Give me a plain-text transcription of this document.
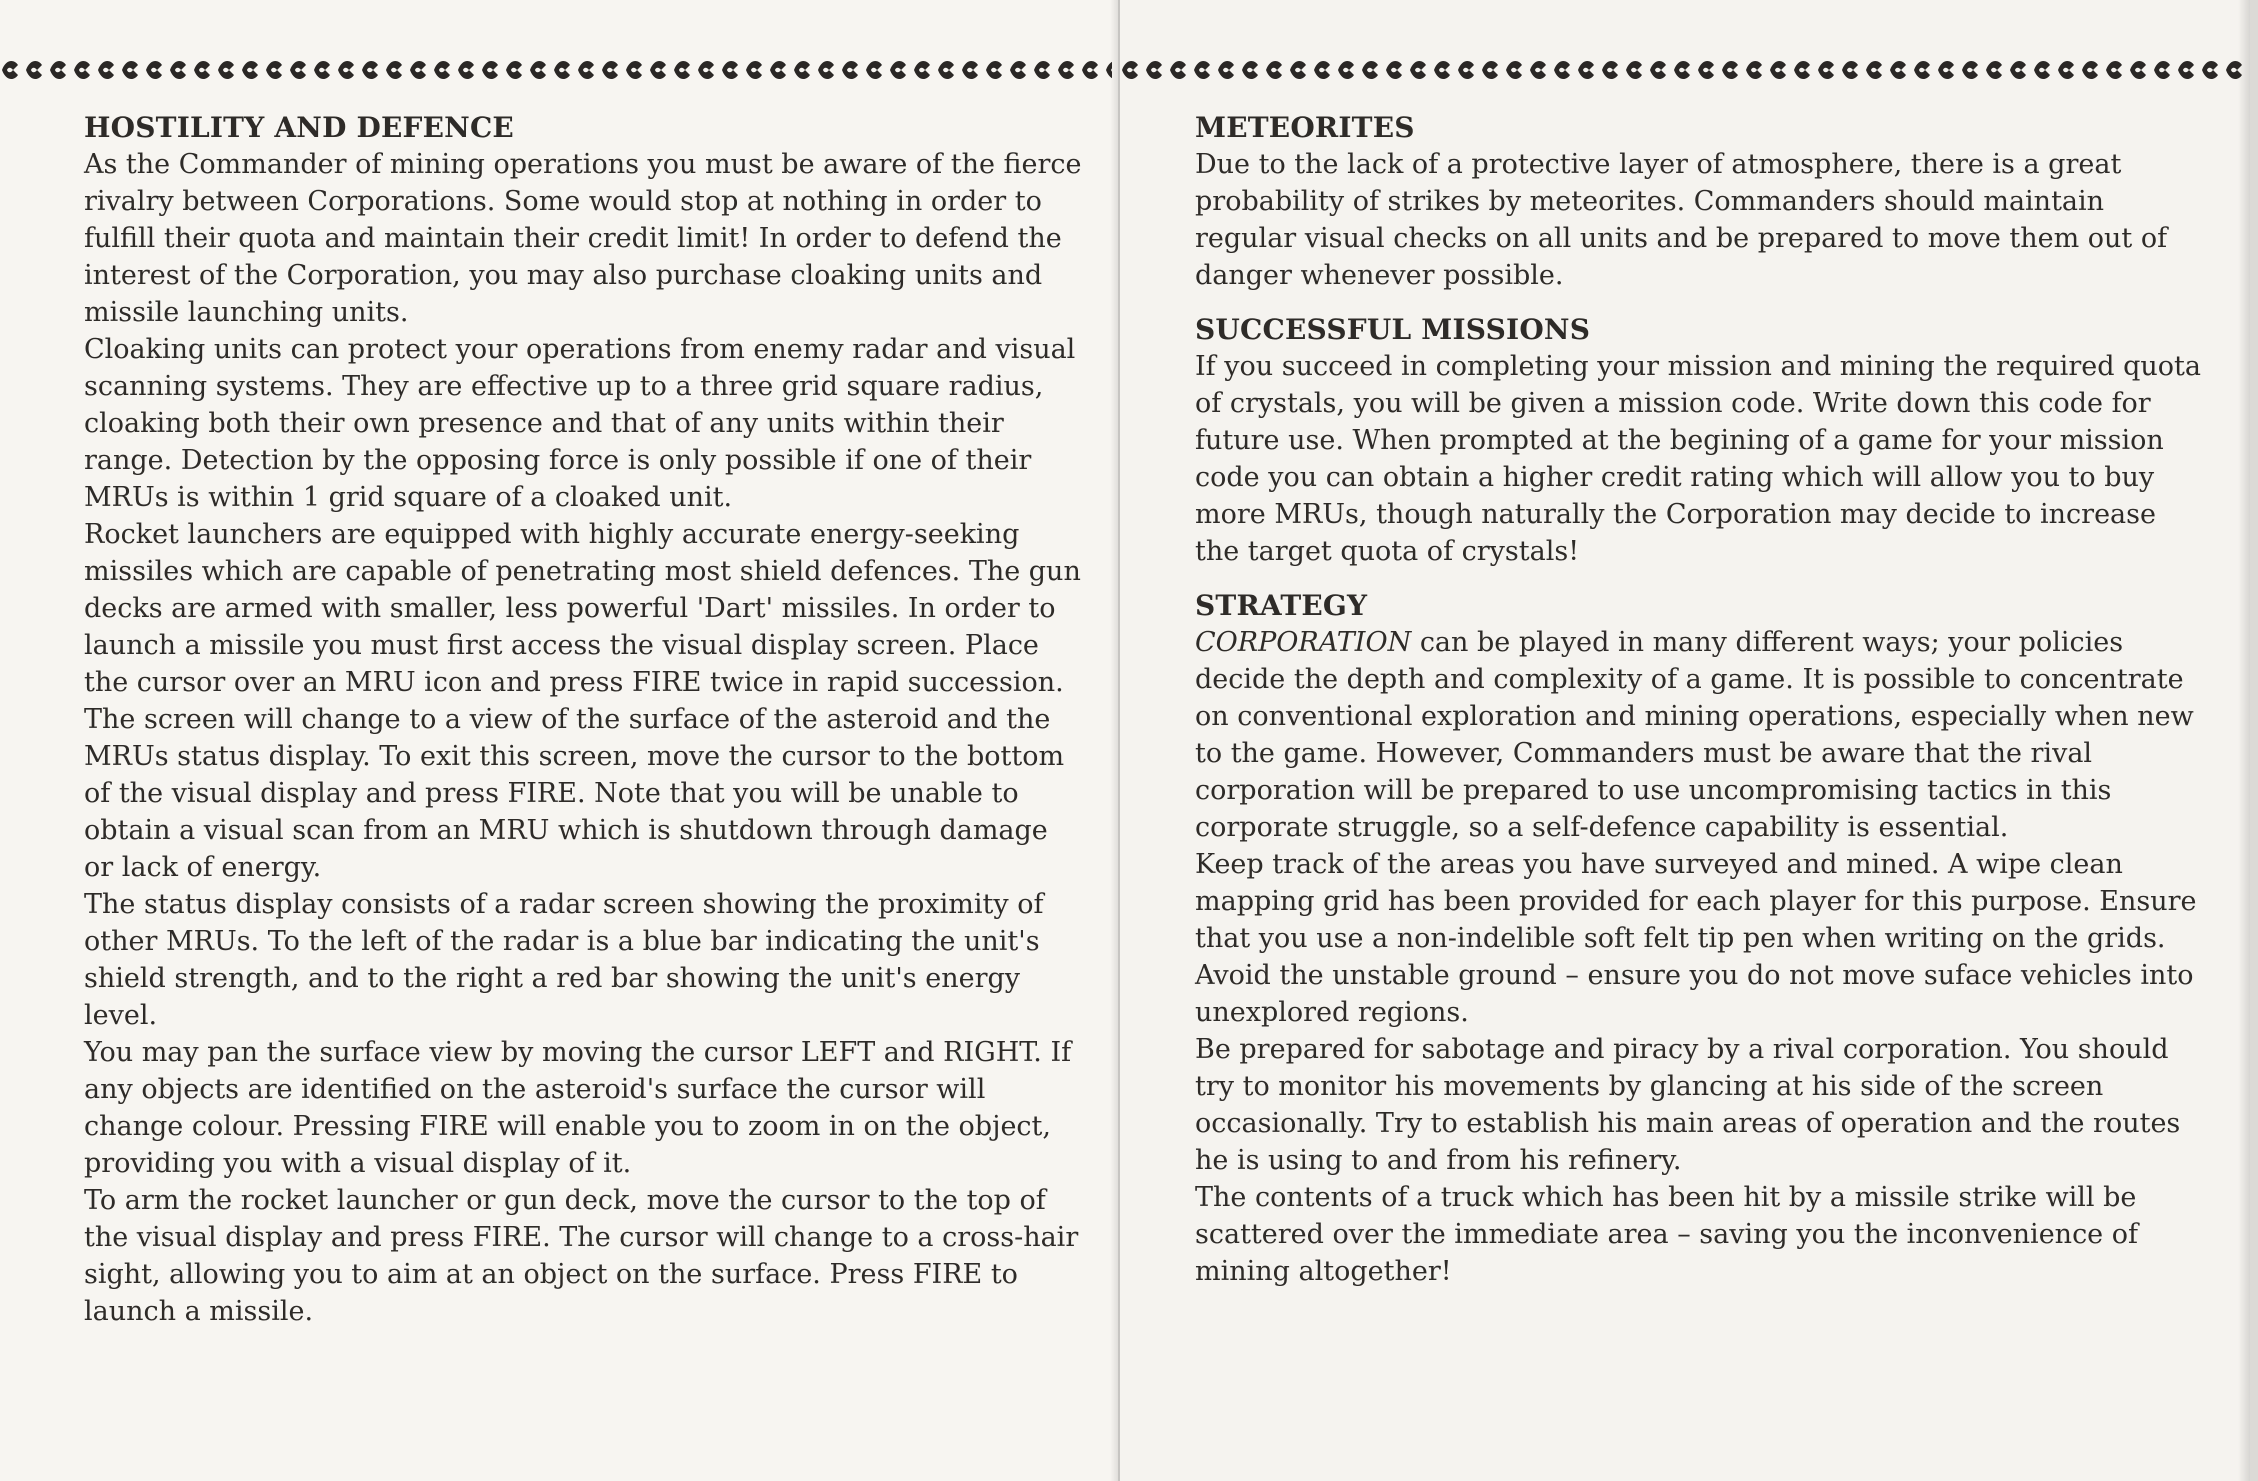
HOSTILITY AND DEFENCE

As the Commander of mining operations you must be aware of the fierce rivalry between Corporations. Some would stop at nothing in order to fulfill their quota and maintain their credit limit! In order to defend the interest of the Corporation, you may also purchase cloaking units and missile launching units.

Cloaking units can protect your operations from enemy radar and visual scanning systems. They are effective up to a three grid square radius, cloaking both their own presence and that of any units within their range. Detection by the opposing force is only possible if one of their MRUs is within 1 grid square of a cloaked unit.

Rocket launchers are equipped with highly accurate energy-seeking missiles which are capable of penetrating most shield defences. The gun decks are armed with smaller, less powerful 'Dart' missiles. In order to launch a missile you must first access the visual display screen. Place the cursor over an MRU icon and press FIRE twice in rapid succession. The screen will change to a view of the surface of the asteroid and the MRUs status display. To exit this screen, move the cursor to the bottom of the visual display and press FIRE. Note that you will be unable to obtain a visual scan from an MRU which is shutdown through damage or lack of energy.

The status display consists of a radar screen showing the proximity of other MRUs. To the left of the radar is a blue bar indicating the unit's shield strength, and to the right a red bar showing the unit's energy level.

You may pan the surface view by moving the cursor LEFT and RIGHT. If any objects are identified on the asteroid's surface the cursor will change colour. Pressing FIRE will enable you to zoom in on the object, providing you with a visual display of it.

To arm the rocket launcher or gun deck, move the cursor to the top of the visual display and press FIRE. The cursor will change to a cross-hair sight, allowing you to aim at an object on the surface. Press FIRE to launch a missile.

METEORITES

Due to the lack of a protective layer of atmosphere, there is a great probability of strikes by meteorites. Commanders should maintain regular visual checks on all units and be prepared to move them out of danger whenever possible.

SUCCESSFUL MISSIONS

If you succeed in completing your mission and mining the required quota of crystals, you will be given a mission code. Write down this code for future use. When prompted at the begining of a game for your mission code you can obtain a higher credit rating which will allow you to buy more MRUs, though naturally the Corporation may decide to increase the target quota of crystals!

STRATEGY

CORPORATION can be played in many different ways; your policies decide the depth and complexity of a game. It is possible to concentrate on conventional exploration and mining operations, especially when new to the game. However, Commanders must be aware that the rival corporation will be prepared to use uncompromising tactics in this corporate struggle, so a self-defence capability is essential.

Keep track of the areas you have surveyed and mined. A wipe clean mapping grid has been provided for each player for this purpose. Ensure that you use a non-indelible soft felt tip pen when writing on the grids.

Avoid the unstable ground – ensure you do not move suface vehicles into unexplored regions.

Be prepared for sabotage and piracy by a rival corporation. You should try to monitor his movements by glancing at his side of the screen occasionally. Try to establish his main areas of operation and the routes he is using to and from his refinery.

The contents of a truck which has been hit by a missile strike will be scattered over the immediate area – saving you the inconvenience of mining altogether!
